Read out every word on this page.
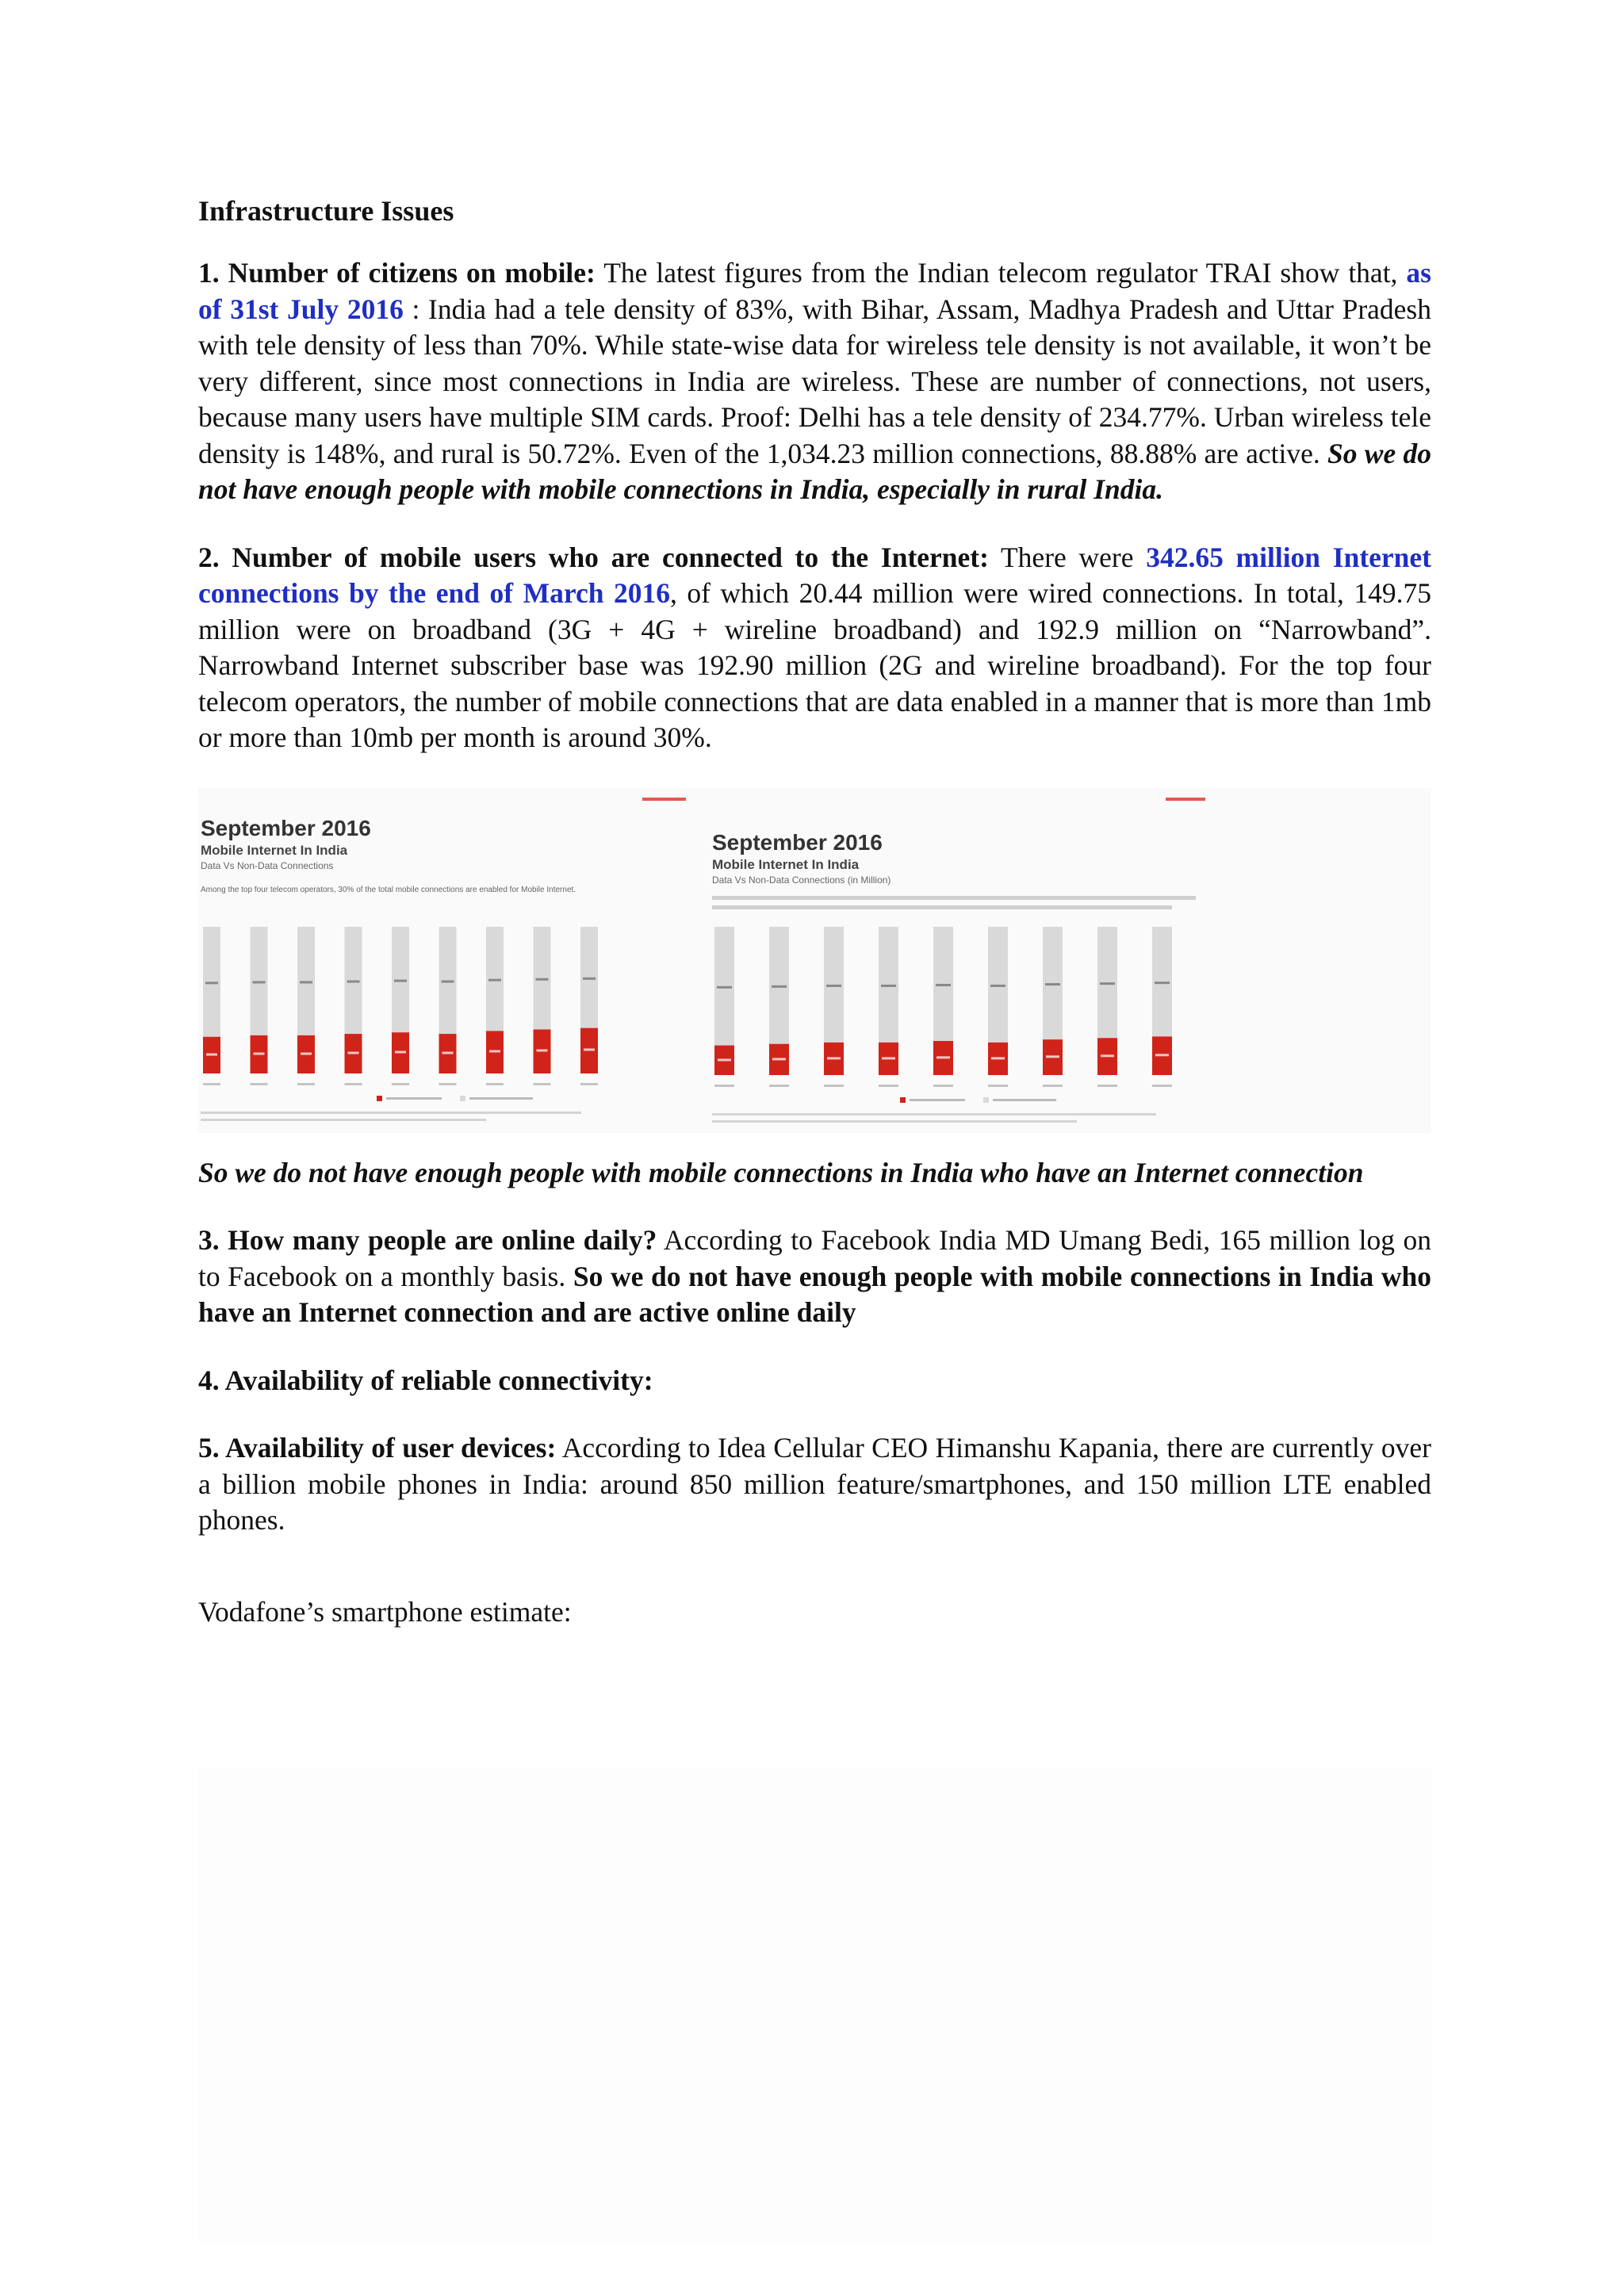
Infrastructure Issues

1. Number of citizens on mobile: The latest figures from the Indian telecom regulator TRAI show that, as of 31st July 2016 : India had a tele density of 83%, with Bihar, Assam, Madhya Pradesh and Uttar Pradesh with tele density of less than 70%. While state-wise data for wireless tele density is not available, it won’t be very different, since most connections in India are wireless. These are number of connections, not users, because many users have multiple SIM cards. Proof: Delhi has a tele density of 234.77%. Urban wireless tele density is 148%, and rural is 50.72%. Even of the 1,034.23 million connections, 88.88% are active. So we do not have enough people with mobile connections in India, especially in rural India.

2. Number of mobile users who are connected to the Internet: There were 342.65 million Internet connections by the end of March 2016, of which 20.44 million were wired connections. In total, 149.75 million were on broadband (3G + 4G + wireline broadband) and 192.9 million on “Narrowband”. Narrowband Internet subscriber base was 192.90 million (2G and wireline broadband). For the top four telecom operators, the number of mobile connections that are data enabled in a manner that is more than 1mb or more than 10mb per month is around 30%.

September 2016
Mobile Internet In India
Data Vs Non-Data Connections
Among the top four telecom operators, 30% of the total mobile connections are enabled for Mobile Internet.
September 2016
Mobile Internet In India
Data Vs Non-Data Connections (in Million)

So we do not have enough people with mobile connections in India who have an Internet connection

3. How many people are online daily? According to Facebook India MD Umang Bedi, 165 million log on to Facebook on a monthly basis. So we do not have enough people with mobile connections in India who have an Internet connection and are active online daily

4. Availability of reliable connectivity:

5. Availability of user devices: According to Idea Cellular CEO Himanshu Kapania, there are currently over a billion mobile phones in India: around 850 million feature/smartphones, and 150 million LTE enabled phones.

Vodafone’s smartphone estimate:
